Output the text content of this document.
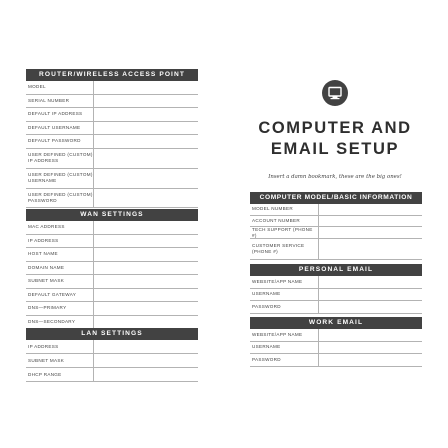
ROUTER/WIRELESS ACCESS POINT
MODEL
SERIAL NUMBER
DEFAULT IP ADDRESS
DEFAULT USERNAME
DEFAULT PASSWORD
USER DEFINED (CUSTOM) IP ADDRESS
USER DEFINED (CUSTOM) USERNAME
USER DEFINED (CUSTOM) PASSWORD
WAN SETTINGS
MAC ADDRESS
IP ADDRESS
HOST NAME
DOMAIN NAME
SUBNET MASK
DEFAULT GATEWAY
DNS—PRIMARY
DNS—SECONDARY
LAN SETTINGS
IP ADDRESS
SUBNET MASK
DHCP RANGE
COMPUTER AND
EMAIL SETUP
Insert a damn bookmark, these are the big ones!
COMPUTER MODEL/BASIC INFORMATION
MODEL NUMBER
ACCOUNT NUMBER
TECH SUPPORT (PHONE #)
CUSTOMER SERVICE (PHONE #)
PERSONAL EMAIL
WEBSITE/APP NAME
USERNAME
PASSWORD
WORK EMAIL
WEBSITE/APP NAME
USERNAME
PASSWORD
